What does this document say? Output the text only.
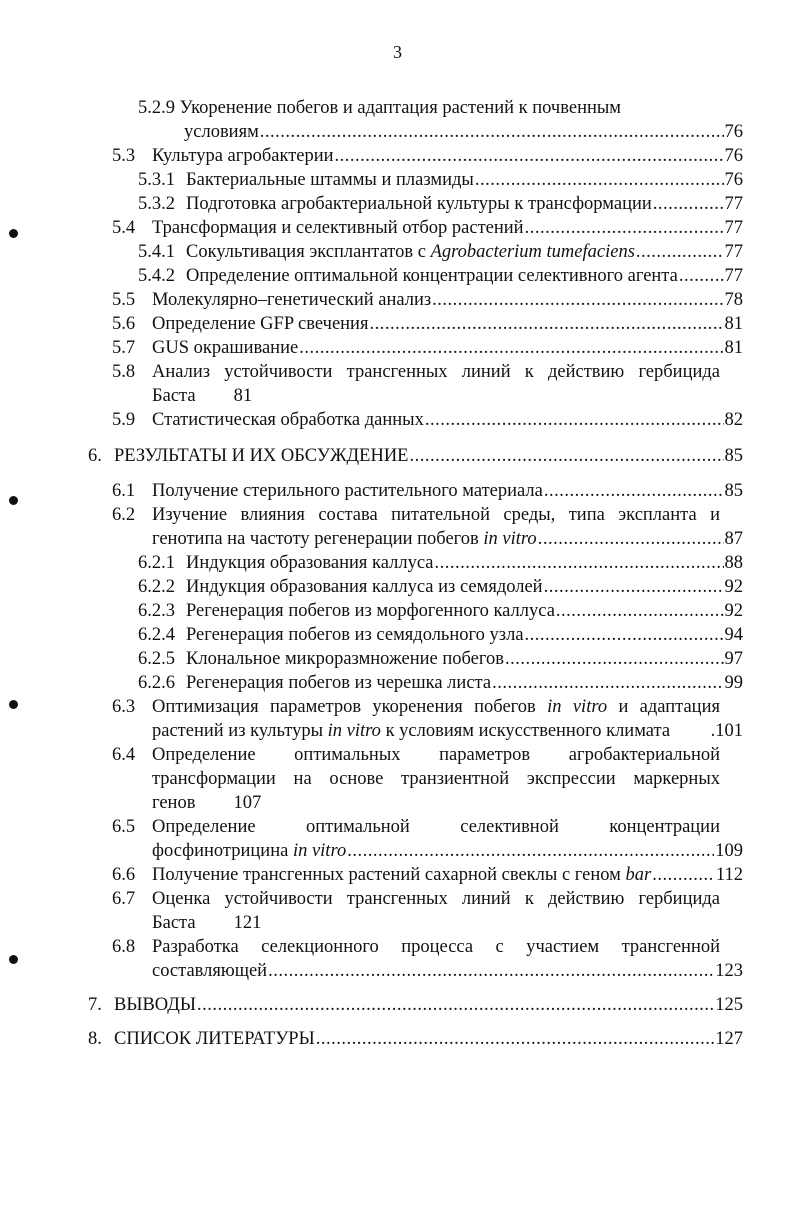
3
5.2.9 Укоренение побегов и адаптация растений к почвенным
условиям .....	76
5.3 Культура агробактерии .....	76
5.3.1 Бактериальные штаммы и плазмиды .....	76
5.3.2 Подготовка агробактериальной культуры к трансформации .....	77
5.4 Трансформация и селективный отбор растений .....	77
5.4.1 Сокультивация эксплантатов с Agrobacterium tumefaciens .....	77
5.4.2 Определение оптимальной концентрации селективного агента .....	77
5.5 Молекулярно–генетический анализ .....	78
5.6 Определение GFP свечения .....	81
5.7 GUS окрашивание .....	81
5.8 Анализ устойчивости трансгенных линий к действию гербицида
Баста 81
5.9 Статистическая обработка данных .....	82
6. РЕЗУЛЬТАТЫ И ИХ ОБСУЖДЕНИЕ .....	85
6.1 Получение стерильного растительного материала .....	85
6.2 Изучение влияния состава питательной среды, типа экспланта и
генотипа на частоту регенерации побегов in vitro .....	87
6.2.1 Индукция образования каллуса .....	88
6.2.2 Индукция образования каллуса из семядолей .....	92
6.2.3 Регенерация побегов из морфогенного каллуса .....	92
6.2.4 Регенерация побегов из семядольного узла .....	94
6.2.5 Клональное микроразмножение побегов .....	97
6.2.6 Регенерация побегов из черешка листа .....	99
6.3 Оптимизация параметров укоренения побегов in vitro и адаптация
растений из культуры in vitro к условиям искусственного климата	. 101
6.4 Определение оптимальных параметров агробактериальной
трансформации на основе транзиентной экспрессии маркерных
генов 107
6.5 Определение оптимальной селективной концентрации
фосфинотрицина in vitro .....	109
6.6 Получение трансгенных растений сахарной свеклы с геном bar .....	112
6.7 Оценка устойчивости трансгенных линий к действию гербицида
Баста 121
6.8 Разработка селекционного процесса с участием трансгенной
составляющей .....	123
7. ВЫВОДЫ .....	125
8. СПИСОК ЛИТЕРАТУРЫ .....	127
